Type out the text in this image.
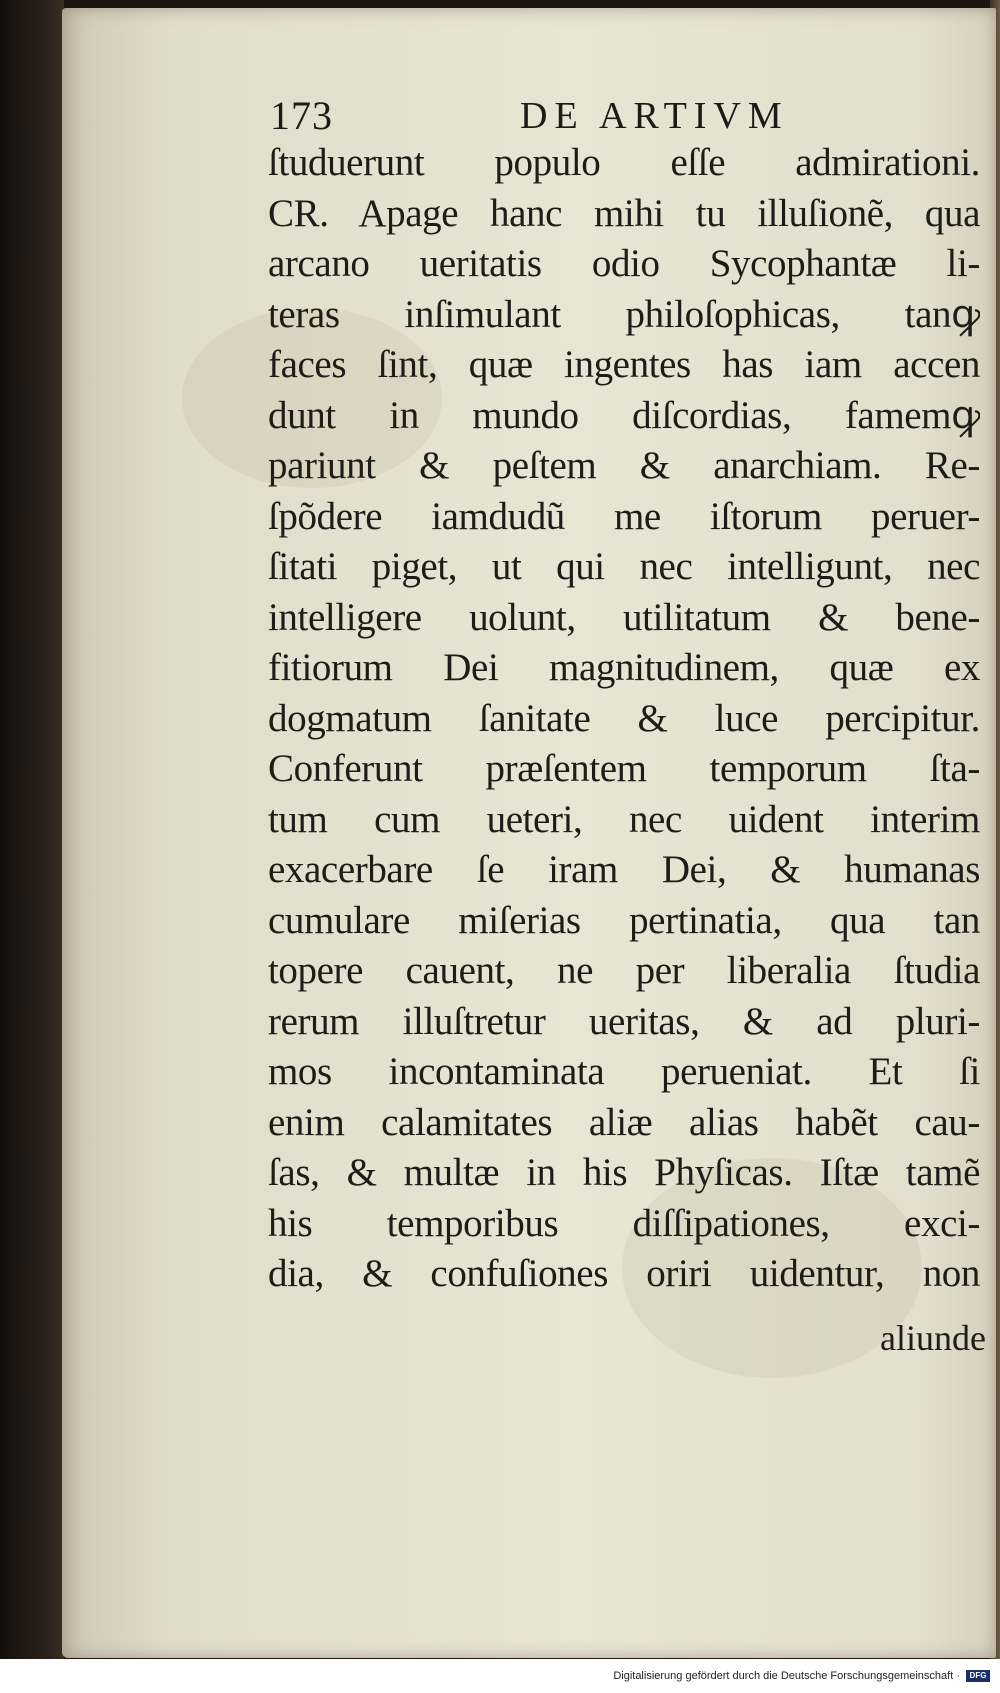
173	DE ARTIVM
ſtuduerunt populo eſſe admirationi.
CR. Apage hanc mihi tu illuſionẽ, qua
arcano ueritatis odio Sycophantæ li-
teras inſimulant philoſophicas, tanꝙ
faces ſint, quæ ingentes has iam accen
dunt in mundo diſcordias, famemꝙ
pariunt & peſtem & anarchiam. Re-
ſpõdere iamdudũ me iſtorum peruer-
ſitati piget, ut qui nec intelligunt, nec
intelligere uolunt, utilitatum & bene-
fitiorum Dei magnitudinem, quæ ex
dogmatum ſanitate & luce percipitur.
Conferunt præſentem temporum ſta-
tum cum ueteri, nec uident interim
exacerbare ſe iram Dei, & humanas
cumulare miſerias pertinatia, qua tan
topere cauent, ne per liberalia ſtudia
rerum illuſtretur ueritas, & ad pluri-
mos incontaminata perueniat. Et ſi
enim calamitates aliæ alias habẽt cau-
ſas, & multæ in his Phyſicas. Iſtæ tamẽ
his temporibus diſſipationes, exci-
dia, & confuſiones oriri uidentur, non
aliunde
Digitalisierung gefördert durch die Deutsche Forschungsgemeinschaft ·	DFG
